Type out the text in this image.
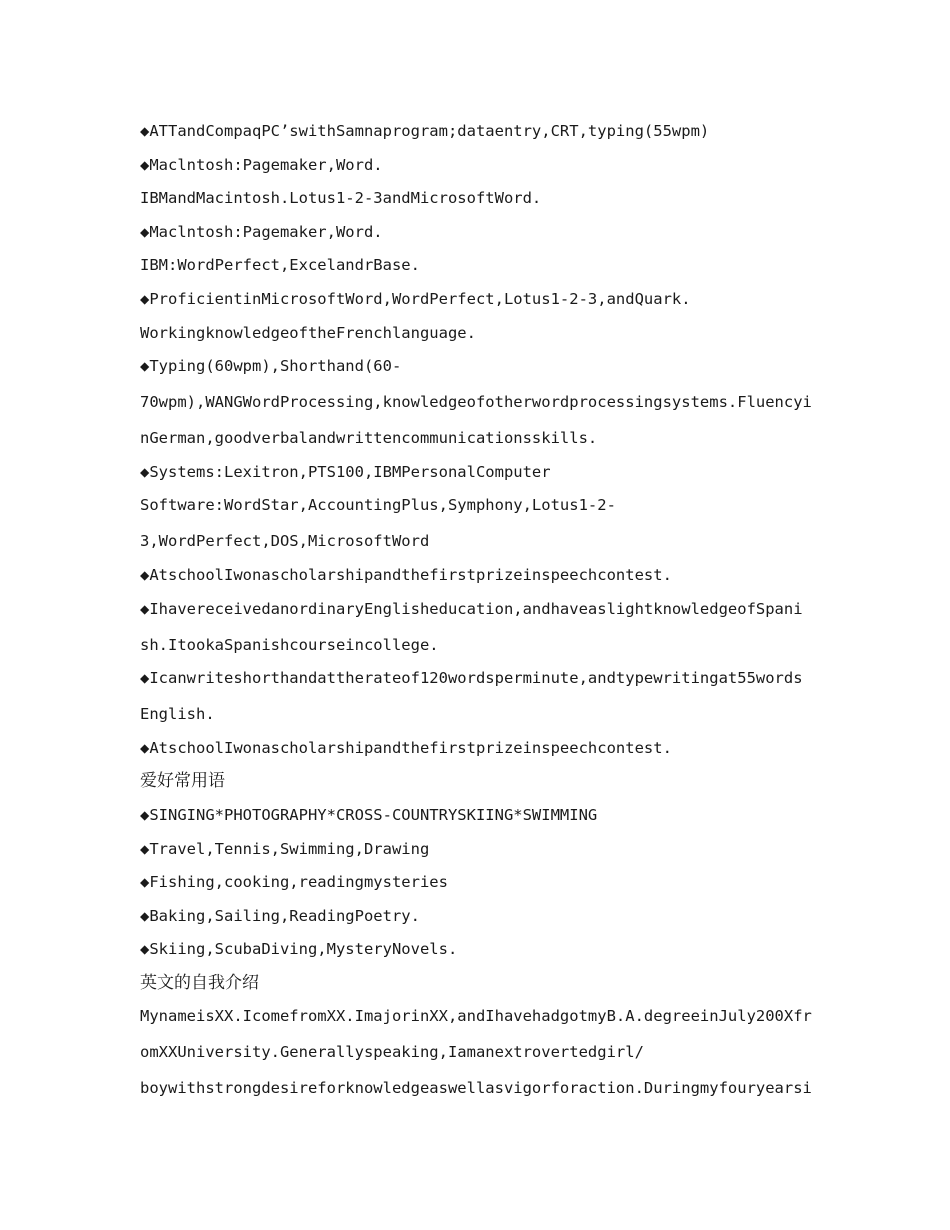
◆ATTandCompaqPC’swithSamnaprogram;dataentry,CRT,typing(55wpm)
◆Maclntosh:Pagemaker,Word.
IBMandMacintosh.Lotus1-2-3andMicrosoftWord.
◆Maclntosh:Pagemaker,Word.
IBM:WordPerfect,ExcelandrBase.
◆ProficientinMicrosoftWord,WordPerfect,Lotus1-2-3,andQuark.
WorkingknowledgeoftheFrenchlanguage.
◆Typing(60wpm),Shorthand(60-
70wpm),WANGWordProcessing,knowledgeofotherwordprocessingsystems.Fluencyi
nGerman,goodverbalandwrittencommunicationsskills.
◆Systems:Lexitron,PTS100,IBMPersonalComputer
Software:WordStar,AccountingPlus,Symphony,Lotus1-2-
3,WordPerfect,DOS,MicrosoftWord
◆AtschoolIwonascholarshipandthefirstprizeinspeechcontest.
◆IhavereceivedanordinaryEnglisheducation,andhaveaslightknowledgeofSpani
sh.ItookaSpanishcourseincollege.
◆Icanwriteshorthandattherateof120wordsperminute,andtypewritingat55words
English.
◆AtschoolIwonascholarshipandthefirstprizeinspeechcontest.
爱好常用语
◆SINGING*PHOTOGRAPHY*CROSS-COUNTRYSKIING*SWIMMING
◆Travel,Tennis,Swimming,Drawing
◆Fishing,cooking,readingmysteries
◆Baking,Sailing,ReadingPoetry.
◆Skiing,ScubaDiving,MysteryNovels.
英文的自我介绍
MynameisXX.IcomefromXX.ImajorinXX,andIhavehadgotmyB.A.degreeinJuly200Xfr
omXXUniversity.Generallyspeaking,Iamanextrovertedgirl/
boywithstrongdesireforknowledgeaswellasvigorforaction.Duringmyfouryearsi
